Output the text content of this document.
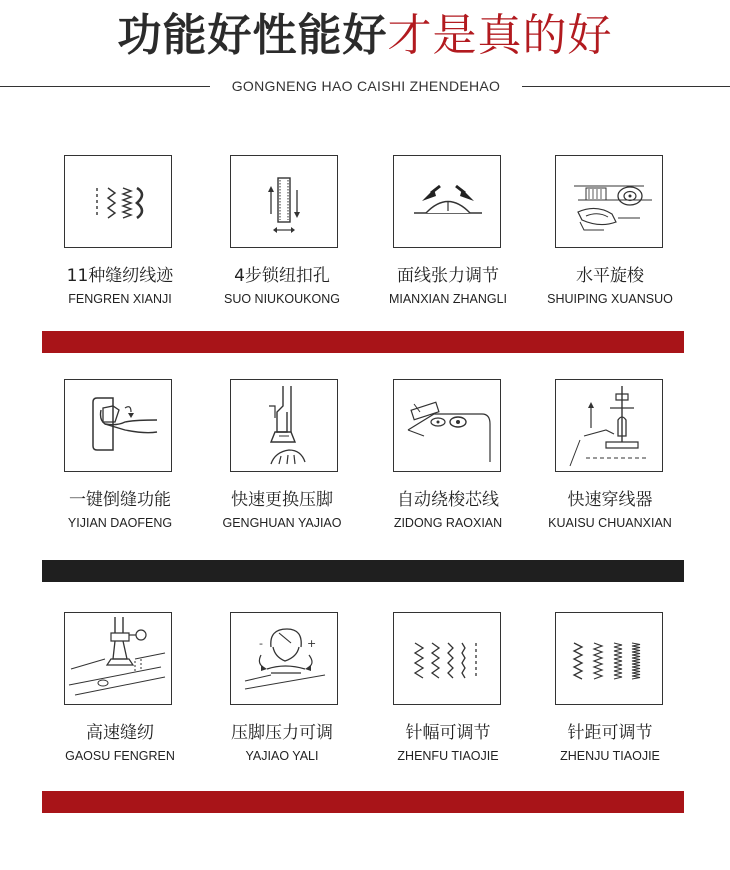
功能好性能好才是真的好
GONGNENG HAO CAISHI ZHENDEHAO
11种缝纫线迹
FENGREN XIANJI
4步锁纽扣孔
SUO NIUKOUKONG
面线张力调节
MIANXIAN ZHANGLI
水平旋梭
SHUIPING XUANSUO
一键倒缝功能
YIJIAN DAOFENG
快速更换压脚
GENGHUAN YAJIAO
自动绕梭芯线
ZIDONG RAOXIAN
快速穿线器
KUAISU CHUANXIAN
高速缝纫
GAOSU FENGREN
-	+
压脚压力可调
YAJIAO YALI
针幅可调节
ZHENFU TIAOJIE
针距可调节
ZHENJU TIAOJIE
